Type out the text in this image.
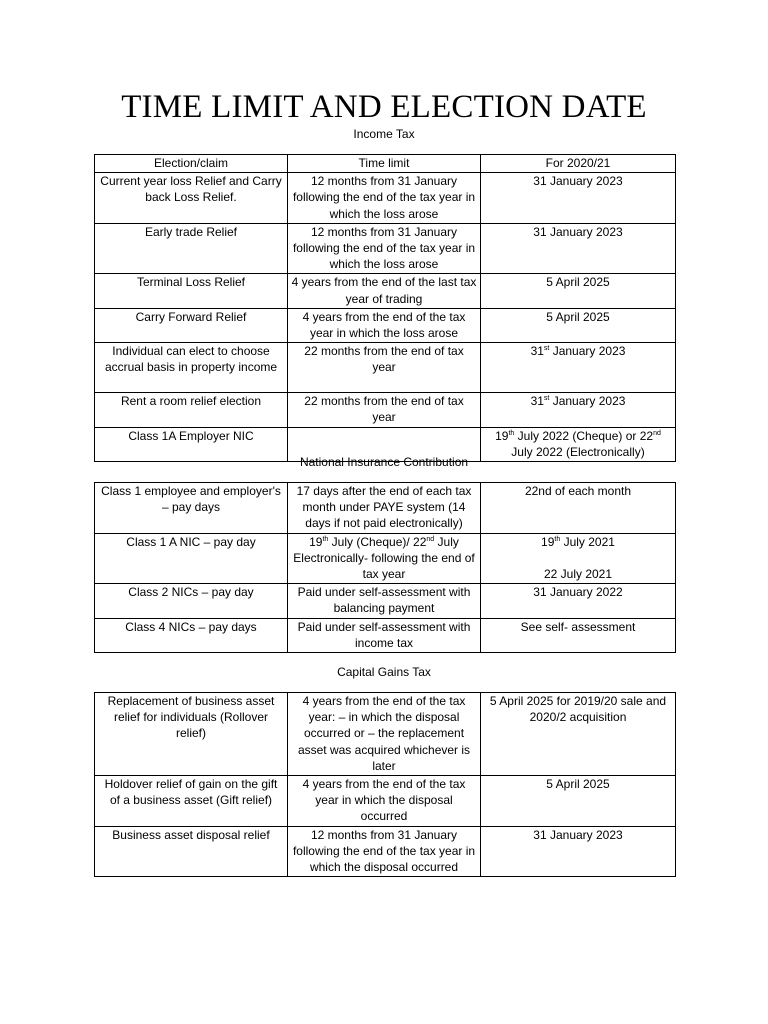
TIME LIMIT AND ELECTION DATE
Income Tax
Election/claim	Time limit	For 2020/21
Current year loss Relief and Carry back Loss Relief.	12 months from 31 January following the end of the tax year in which the loss arose	31 January 2023
Early trade Relief	12 months from 31 January following the end of the tax year in which the loss arose	31 January 2023
Terminal Loss Relief	4 years from the end of the last tax year of trading	5 April 2025
Carry Forward Relief	4 years from the end of the tax year in which the loss arose	5 April 2025
Individual can elect to choose accrual basis in property income	22 months from the end of tax year	31st January 2023
Rent a room relief election	22 months from the end of tax year	31st January 2023
Class 1A Employer NIC		19th July 2022 (Cheque) or 22nd July 2022 (Electronically)
National Insurance Contribution
Class 1 employee and employer's – pay days	17 days after the end of each tax month under PAYE system (14 days if not paid electronically)	22nd of each month
Class 1 A NIC – pay day	19th July (Cheque)/ 22nd July Electronically- following the end of tax year	19th July 2021
22 July 2021
Class 2 NICs – pay day	Paid under self-assessment with balancing payment	31 January 2022
Class 4 NICs – pay days	Paid under self-assessment with income tax	See self- assessment
Capital Gains Tax
Replacement of business asset relief for individuals (Rollover relief)	4 years from the end of the tax year: – in which the disposal occurred or – the replacement asset was acquired whichever is later	5 April 2025 for 2019/20 sale and 2020/2 acquisition
Holdover relief of gain on the gift of a business asset (Gift relief)	4 years from the end of the tax year in which the disposal occurred	5 April 2025
Business asset disposal relief	12 months from 31 January following the end of the tax year in which the disposal occurred	31 January 2023
